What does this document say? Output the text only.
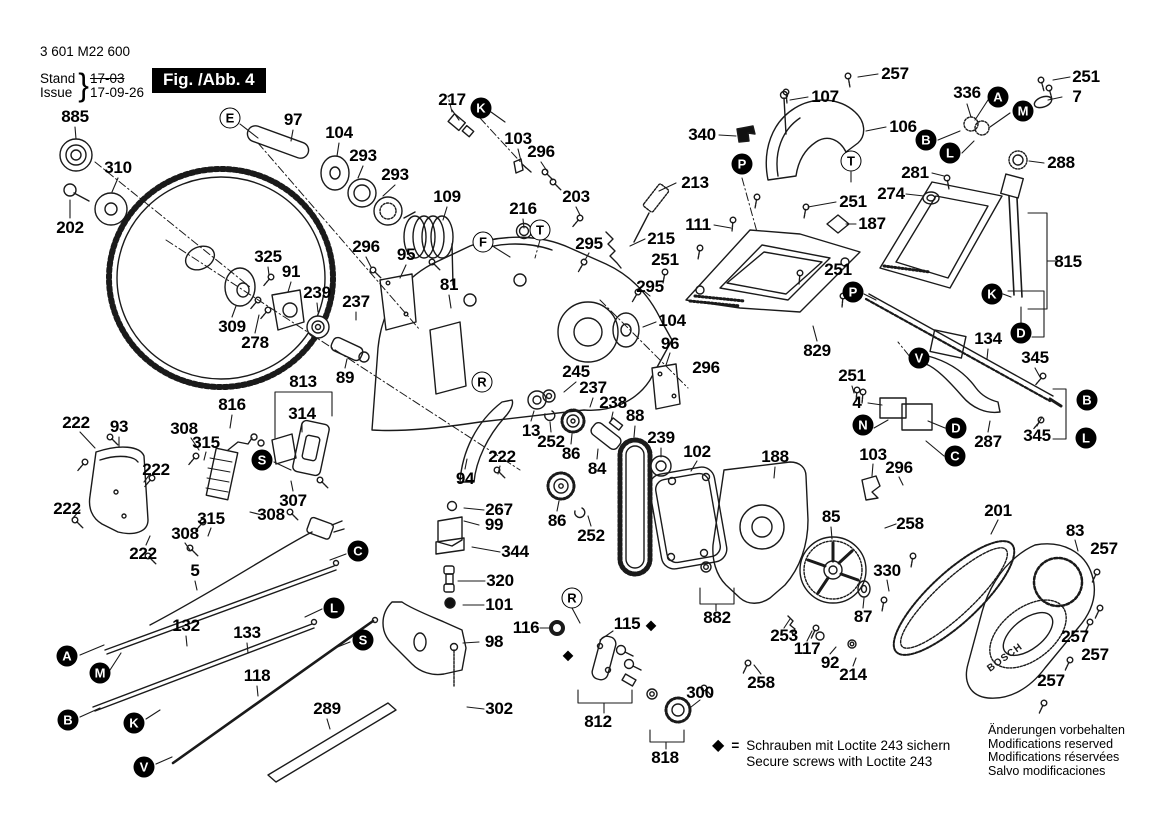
BOSCH
885
310
202
97
104
293
293
217
103
296
109
216
203
213
215
295
295
296 95
325
91
239 237
81
309
278
89
813
816	314
307
308
315
315
308
308
222 93
222
222
222
5
132 133
118
289
245
237
238
88
104
96
296
102
239
13
252
86
84
86
252
222
94
267
99
344
320
101
98
302
116	115
812
818
300
882
188	103
296
85	258
258
253
117
92
214
330
87
201
83
257
257
257
257
257
107
106
340
111
251 274
187
251
251
251
336	7
281
288
815
829
134
345
345
4
287
251
E
T
T
F
R
R
K
P
A
M
B
L
P	K
D
V
B
L
N	D
C
S
C
L
S
A
M
B	K
V
◆
◆
3 601 M22 600
Stand
Issue } 17-03
17-09-26
Fig. /Abb. 4
◆ = Schrauben mit Loctite 243 sichern
Secure screws with Loctite 243
Änderungen vorbehalten
Modifications reserved
Modifications réservées
Salvo modificaciones
